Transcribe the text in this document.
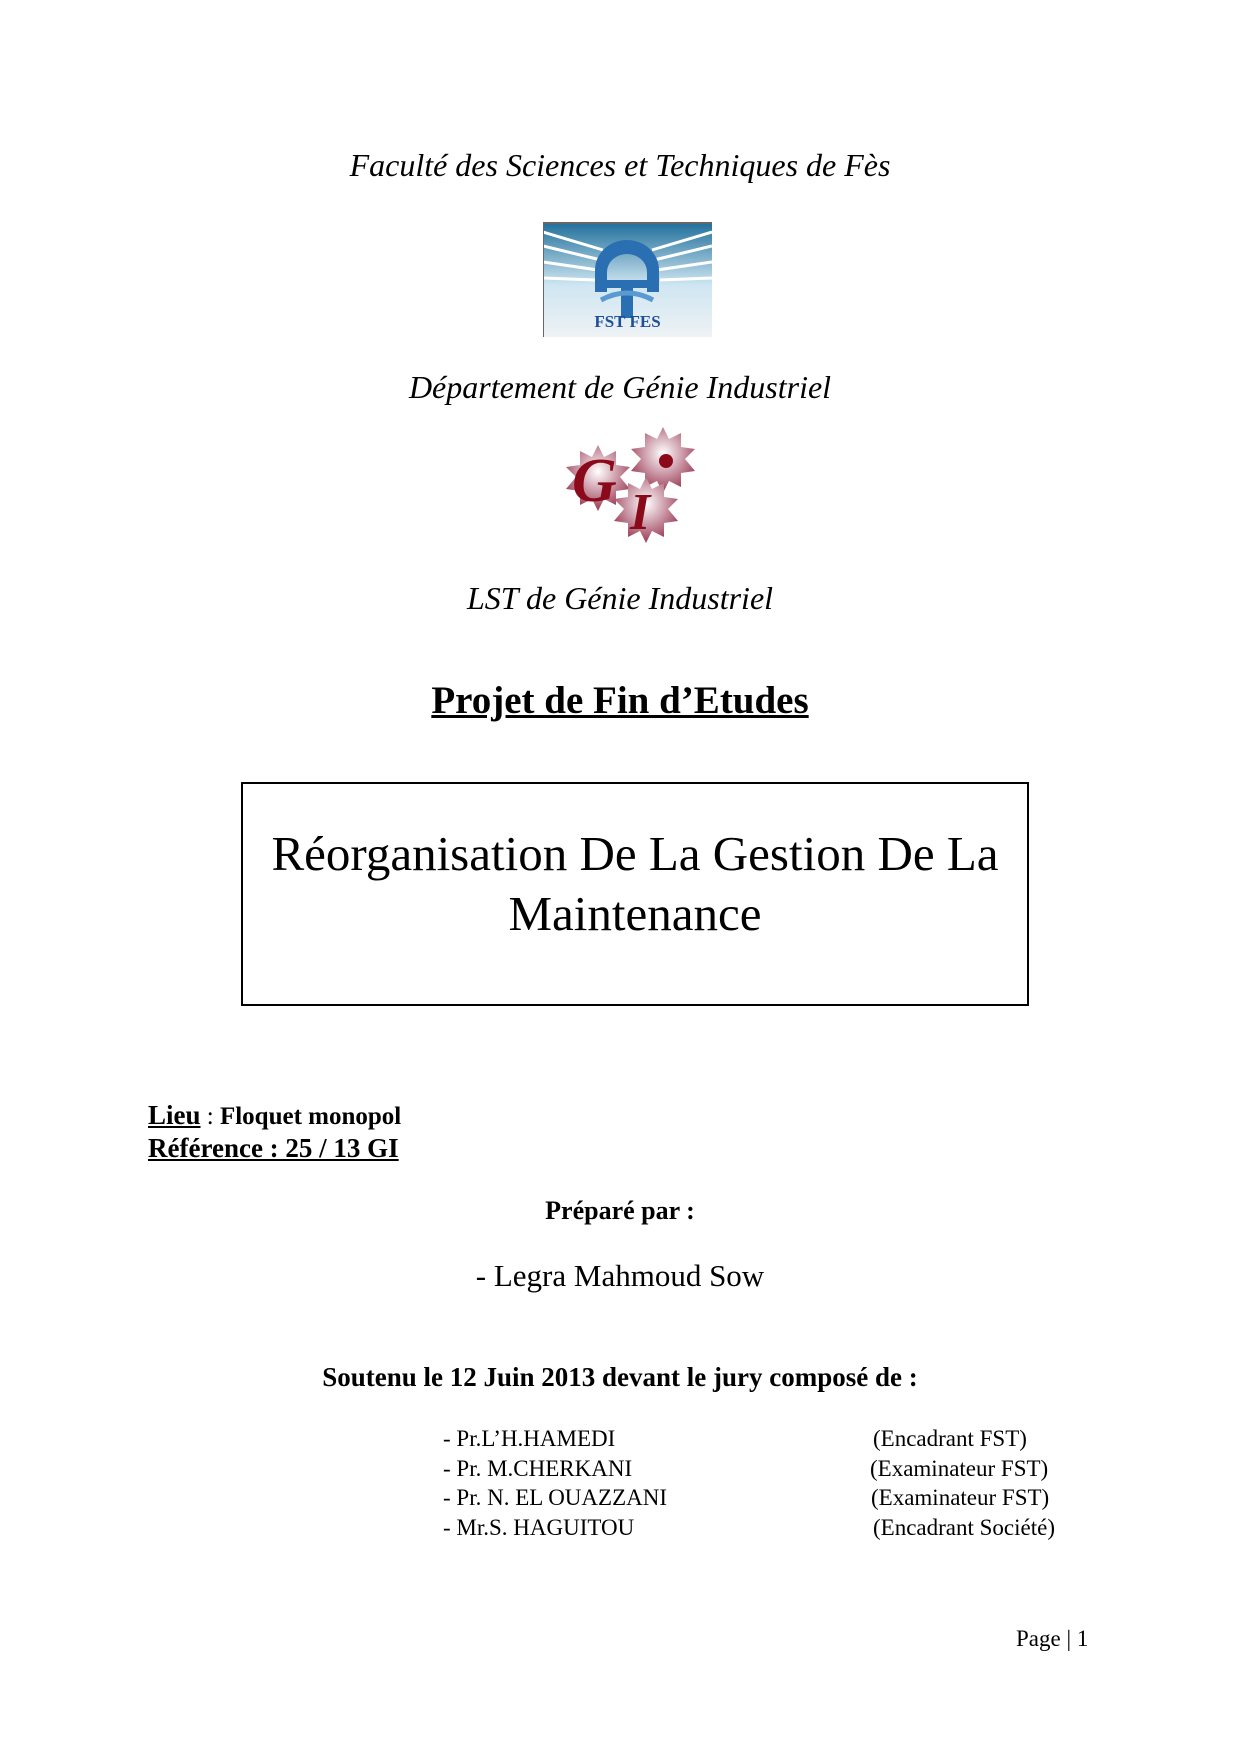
Faculté des Sciences et Techniques de Fès
FST FES
Département de Génie Industriel
G I
LST de Génie Industriel
Projet de Fin d’Etudes
Réorganisation De La Gestion De La
Maintenance
Lieu : Floquet monopol
Référence : 25 / 13 GI
Préparé par :
- Legra Mahmoud Sow
Soutenu le 12 Juin 2013 devant le jury composé de :
- Pr.L’H.HAMEDI	(Encadrant FST)
- Pr. M.CHERKANI	(Examinateur FST)
- Pr. N. EL OUAZZANI	(Examinateur FST)
- Mr.S. HAGUITOU	(Encadrant Société)
Page | 1
